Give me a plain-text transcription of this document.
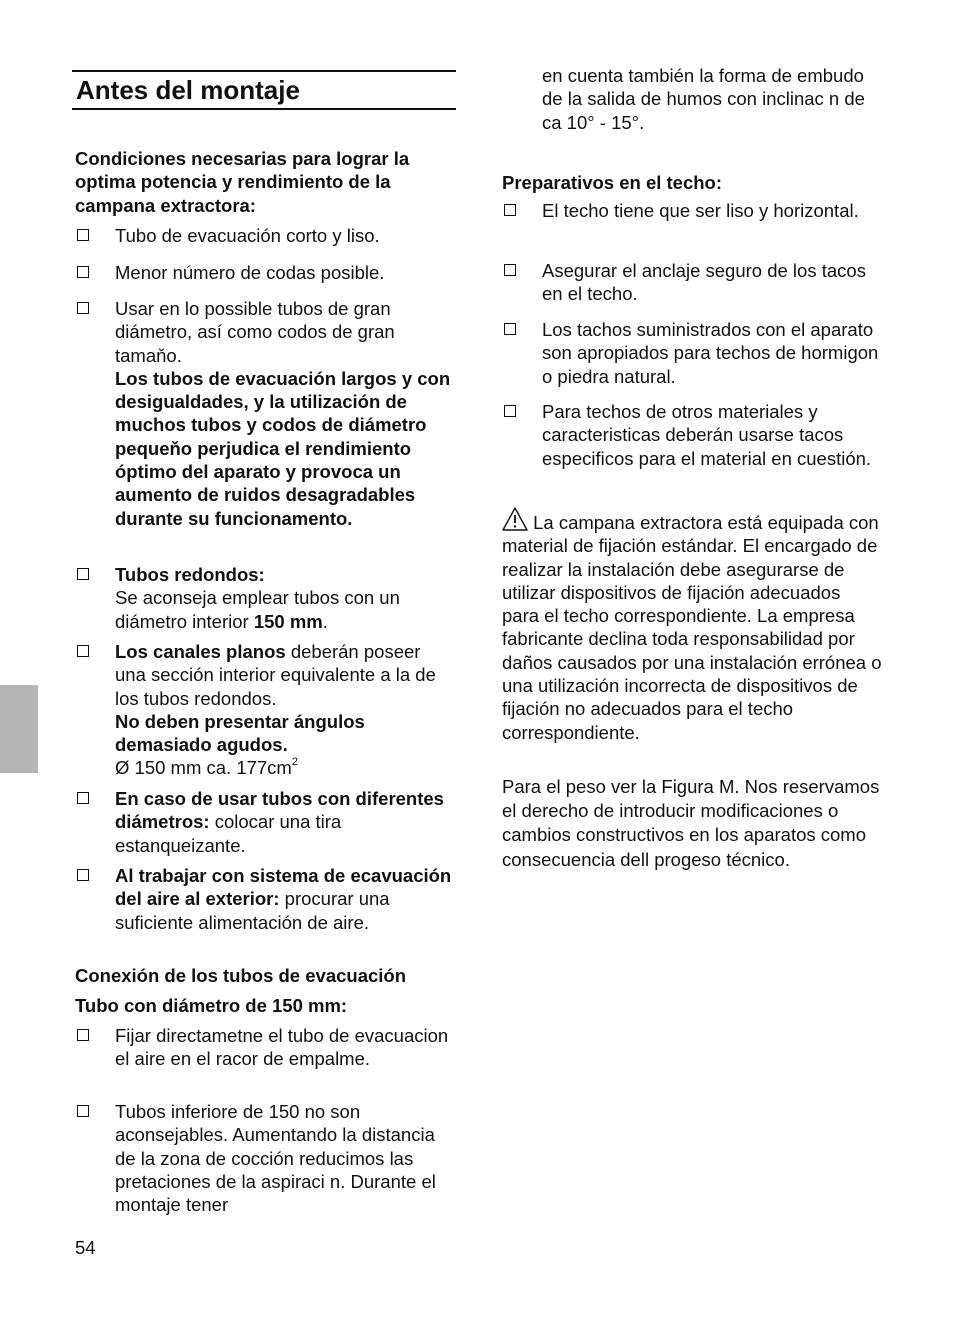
Antes del montaje
Condiciones necesarias para lograr la optima potencia y rendimiento de la campana extractora:
Tubo de evacuación corto y liso.
Menor número de codas posible.
Usar en lo possible tubos de gran diámetro, así como codos de gran tamaňo.
Los tubos de evacuación largos y con desigualdades, y la utilización de muchos tubos y codos de diámetro pequeňo perjudica el rendimiento óptimo del aparato y provoca un aumento de ruidos desagradables durante su funcionamento.
Tubos redondos:
Se aconseja emplear tubos con un diámetro interior 150 mm.
Los canales planos deberán poseer una sección interior equivalente a la de los tubos redondos.
No deben presentar ángulos demasiado agudos.
Ø 150 mm ca. $177cm^2$
En caso de usar tubos con diferentes diámetros: colocar una tira estanqueizante.
Al trabajar con sistema de ecavuación del aire al exterior: procurar una suficiente alimentación de aire.
Conexión de los tubos de evacuación
Tubo con diámetro de 150 mm:
Fijar directametne el tubo de evacuacion el aire en el racor de empalme.
Tubos inferiore de 150 no son aconsejables. Aumentando la distancia de la zona de cocción reducimos las pretaciones de la aspiraci n. Durante el montaje tener
en cuenta también la forma de embudo de la salida de humos con inclinac n de ca 10° - 15°.
Preparativos en el techo:
El techo tiene que ser liso y horizontal.
Asegurar el anclaje seguro de los tacos en el techo.
Los tachos suministrados con el aparato son apropiados para techos de hormigon o piedra natural.
Para techos de otros materiales y caracteristicas deberán usarse tacos especificos para el material en cuestión.
La campana extractora está equipada con material de fijación estándar. El encargado de realizar la instalación debe asegurarse de utilizar dispositivos de fijación adecuados para el techo correspondiente. La empresa fabricante declina toda responsabilidad por daños causados por una instalación errónea o una utilización incorrecta de dispositivos de fijación no adecuados para el techo correspondiente.
Para el peso ver la Figura M. Nos reservamos el derecho de introducir modificaciones o cambios constructivos en los aparatos como consecuencia dell progeso técnico.
54
